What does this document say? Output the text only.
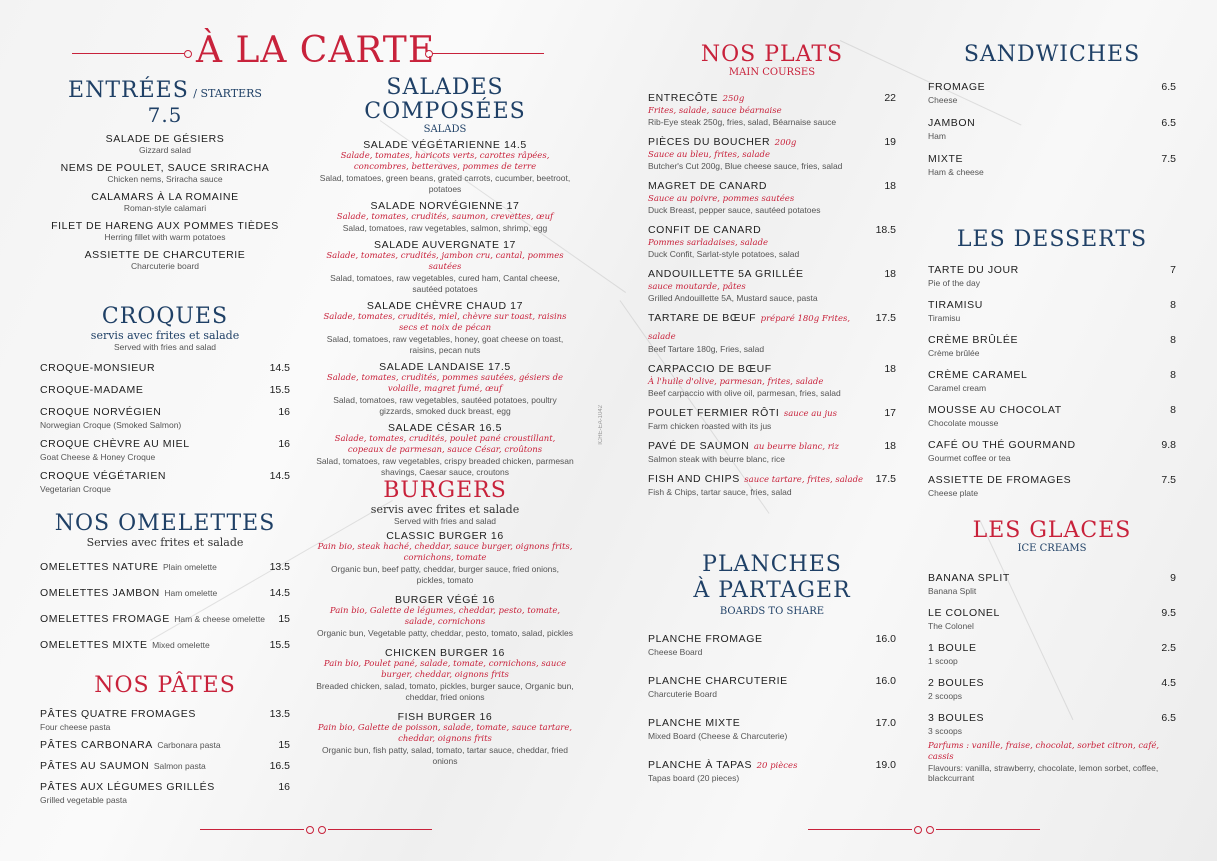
À LA CARTE
ENTRÉES / STARTERS
7.5
SALADE DE GÉSIERS
Gizzard salad
NEMS DE POULET, SAUCE SRIRACHA
Chicken nems, Sriracha sauce
CALAMARS À LA ROMAINE
Roman-style calamari
FILET DE HARENG AUX POMMES TIÈDES
Herring fillet with warm potatoes
ASSIETTE DE CHARCUTERIE
Charcuterie board
CROQUES
servis avec frites et salade
Served with fries and salad
CROQUE-MONSIEUR	14.5
CROQUE-MADAME	15.5
CROQUE NORVÉGIEN	16
Norwegian Croque (Smoked Salmon)
CROQUE CHÈVRE AU MIEL	16
Goat Cheese & Honey Croque
CROQUE VÉGÉTARIEN	14.5
Vegetarian Croque
NOS OMELETTES
Servies avec frites et salade
OMELETTES NATURE Plain omelette	13.5
OMELETTES JAMBON Ham omelette	14.5
OMELETTES FROMAGE Ham & cheese omelette 15
OMELETTES MIXTE Mixed omelette	15.5
NOS PÂTES
PÂTES QUATRE FROMAGES	13.5
Four cheese pasta
PÂTES CARBONARA Carbonara pasta	15
PÂTES AU SAUMON Salmon pasta	16.5
PÂTES AUX LÉGUMES GRILLÉS	16
Grilled vegetable pasta
SALADES
COMPOSÉES
SALADS
SALADE VÉGÉTARIENNE 14.5
Salade, tomates, haricots verts, carottes râpées, concombres, betteraves, pommes de terre
Salad, tomatoes, green beans, grated carrots, cucumber, beetroot, potatoes
SALADE NORVÉGIENNE 17
Salade, tomates, crudités, saumon, crevettes, œuf
Salad, tomatoes, raw vegetables, salmon, shrimp, egg
SALADE AUVERGNATE 17
Salade, tomates, crudités, jambon cru, cantal, pommes sautées
Salad, tomatoes, raw vegetables, cured ham, Cantal cheese, sautéed potatoes
SALADE CHÈVRE CHAUD 17
Salade, tomates, crudités, miel, chèvre sur toast, raisins secs et noix de pécan
Salad, tomatoes, raw vegetables, honey, goat cheese on toast, raisins, pecan nuts
SALADE LANDAISE 17.5
Salade, tomates, crudités, pommes sautées, gésiers de volaille, magret fumé, œuf
Salad, tomatoes, raw vegetables, sautéed potatoes, poultry gizzards, smoked duck breast, egg
SALADE CÉSAR 16.5
Salade, tomates, crudités, poulet pané croustillant, copeaux de parmesan, sauce César, croûtons
Salad, tomatoes, raw vegetables, crispy breaded chicken, parmesan shavings, Caesar sauce, croutons
BURGERS
servis avec frites et salade
Served with fries and salad
CLASSIC BURGER 16
Pain bio, steak haché, cheddar, sauce burger, oignons frits, cornichons, tomate
Organic bun, beef patty, cheddar, burger sauce, fried onions, pickles, tomato
BURGER VÉGÉ 16
Pain bio, Galette de légumes, cheddar, pesto, tomate, salade, cornichons
Organic bun, Vegetable patty, cheddar, pesto, tomato, salad, pickles
CHICKEN BURGER 16
Pain bio, Poulet pané, salade, tomate, cornichons, sauce burger, cheddar, oignons frits
Breaded chicken, salad, tomato, pickles, burger sauce, Organic bun, cheddar, fried onions
FISH BURGER 16
Pain bio, Galette de poisson, salade, tomate, sauce tartare, cheddar, oignons frits
Organic bun, fish patty, salad, tomato, tartar sauce, cheddar, fried onions
ICHE-EA-1042
NOS PLATS
MAIN COURSES
ENTRECÔTE 250g	22
Frites, salade, sauce béarnaise
Rib-Eye steak 250g, fries, salad, Béarnaise sauce
PIÈCES DU BOUCHER 200g	19
Sauce au bleu, frites, salade
Butcher's Cut 200g, Blue cheese sauce, fries, salad
MAGRET DE CANARD	18
Sauce au poivre, pommes sautées
Duck Breast, pepper sauce, sautéed potatoes
CONFIT DE CANARD	18.5
Pommes sarladaises, salade
Duck Confit, Sarlat-style potatoes, salad
ANDOUILLETTE 5A GRILLÉE	18
sauce moutarde, pâtes
Grilled Andouillette 5A, Mustard sauce, pasta
TARTARE DE BŒUF préparé 180g Frites, salade
17.5
Beef Tartare 180g, Fries, salad
CARPACCIO DE BŒUF	18
À l'huile d'olive, parmesan, frites, salade
Beef carpaccio with olive oil, parmesan, fries, salad
POULET FERMIER RÔTI sauce au jus	17
Farm chicken roasted with its jus
PAVÉ DE SAUMON au beurre blanc, riz	18
Salmon steak with beurre blanc, rice
FISH AND CHIPS sauce tartare, frites, salade 17.5
Fish & Chips, tartar sauce, fries, salad
PLANCHES
À PARTAGER
BOARDS TO SHARE
PLANCHE FROMAGE	16.0
Cheese Board
PLANCHE CHARCUTERIE	16.0
Charcuterie Board
PLANCHE MIXTE	17.0
Mixed Board (Cheese & Charcuterie)
PLANCHE À TAPAS 20 pièces	19.0
Tapas board (20 pieces)
SANDWICHES
FROMAGE	6.5
Cheese
JAMBON	6.5
Ham
MIXTE	7.5
Ham & cheese
LES DESSERTS
TARTE DU JOUR	7
Pie of the day
TIRAMISU	8
Tiramisu
CRÈME BRÛLÉE	8
Crème brûlée
CRÈME CARAMEL	8
Caramel cream
MOUSSE AU CHOCOLAT	8
Chocolate mousse
CAFÉ OU THÉ GOURMAND	9.8
Gourmet coffee or tea
ASSIETTE DE FROMAGES	7.5
Cheese plate
LES GLACES
ICE CREAMS
BANANA SPLIT	9
Banana Split
LE COLONEL	9.5
The Colonel
1 BOULE	2.5
1 scoop
2 BOULES	4.5
2 scoops
3 BOULES	6.5
3 scoops
Parfums : vanille, fraise, chocolat, sorbet citron, café, cassis
Flavours: vanilla, strawberry, chocolate, lemon sorbet, coffee, blackcurrant
